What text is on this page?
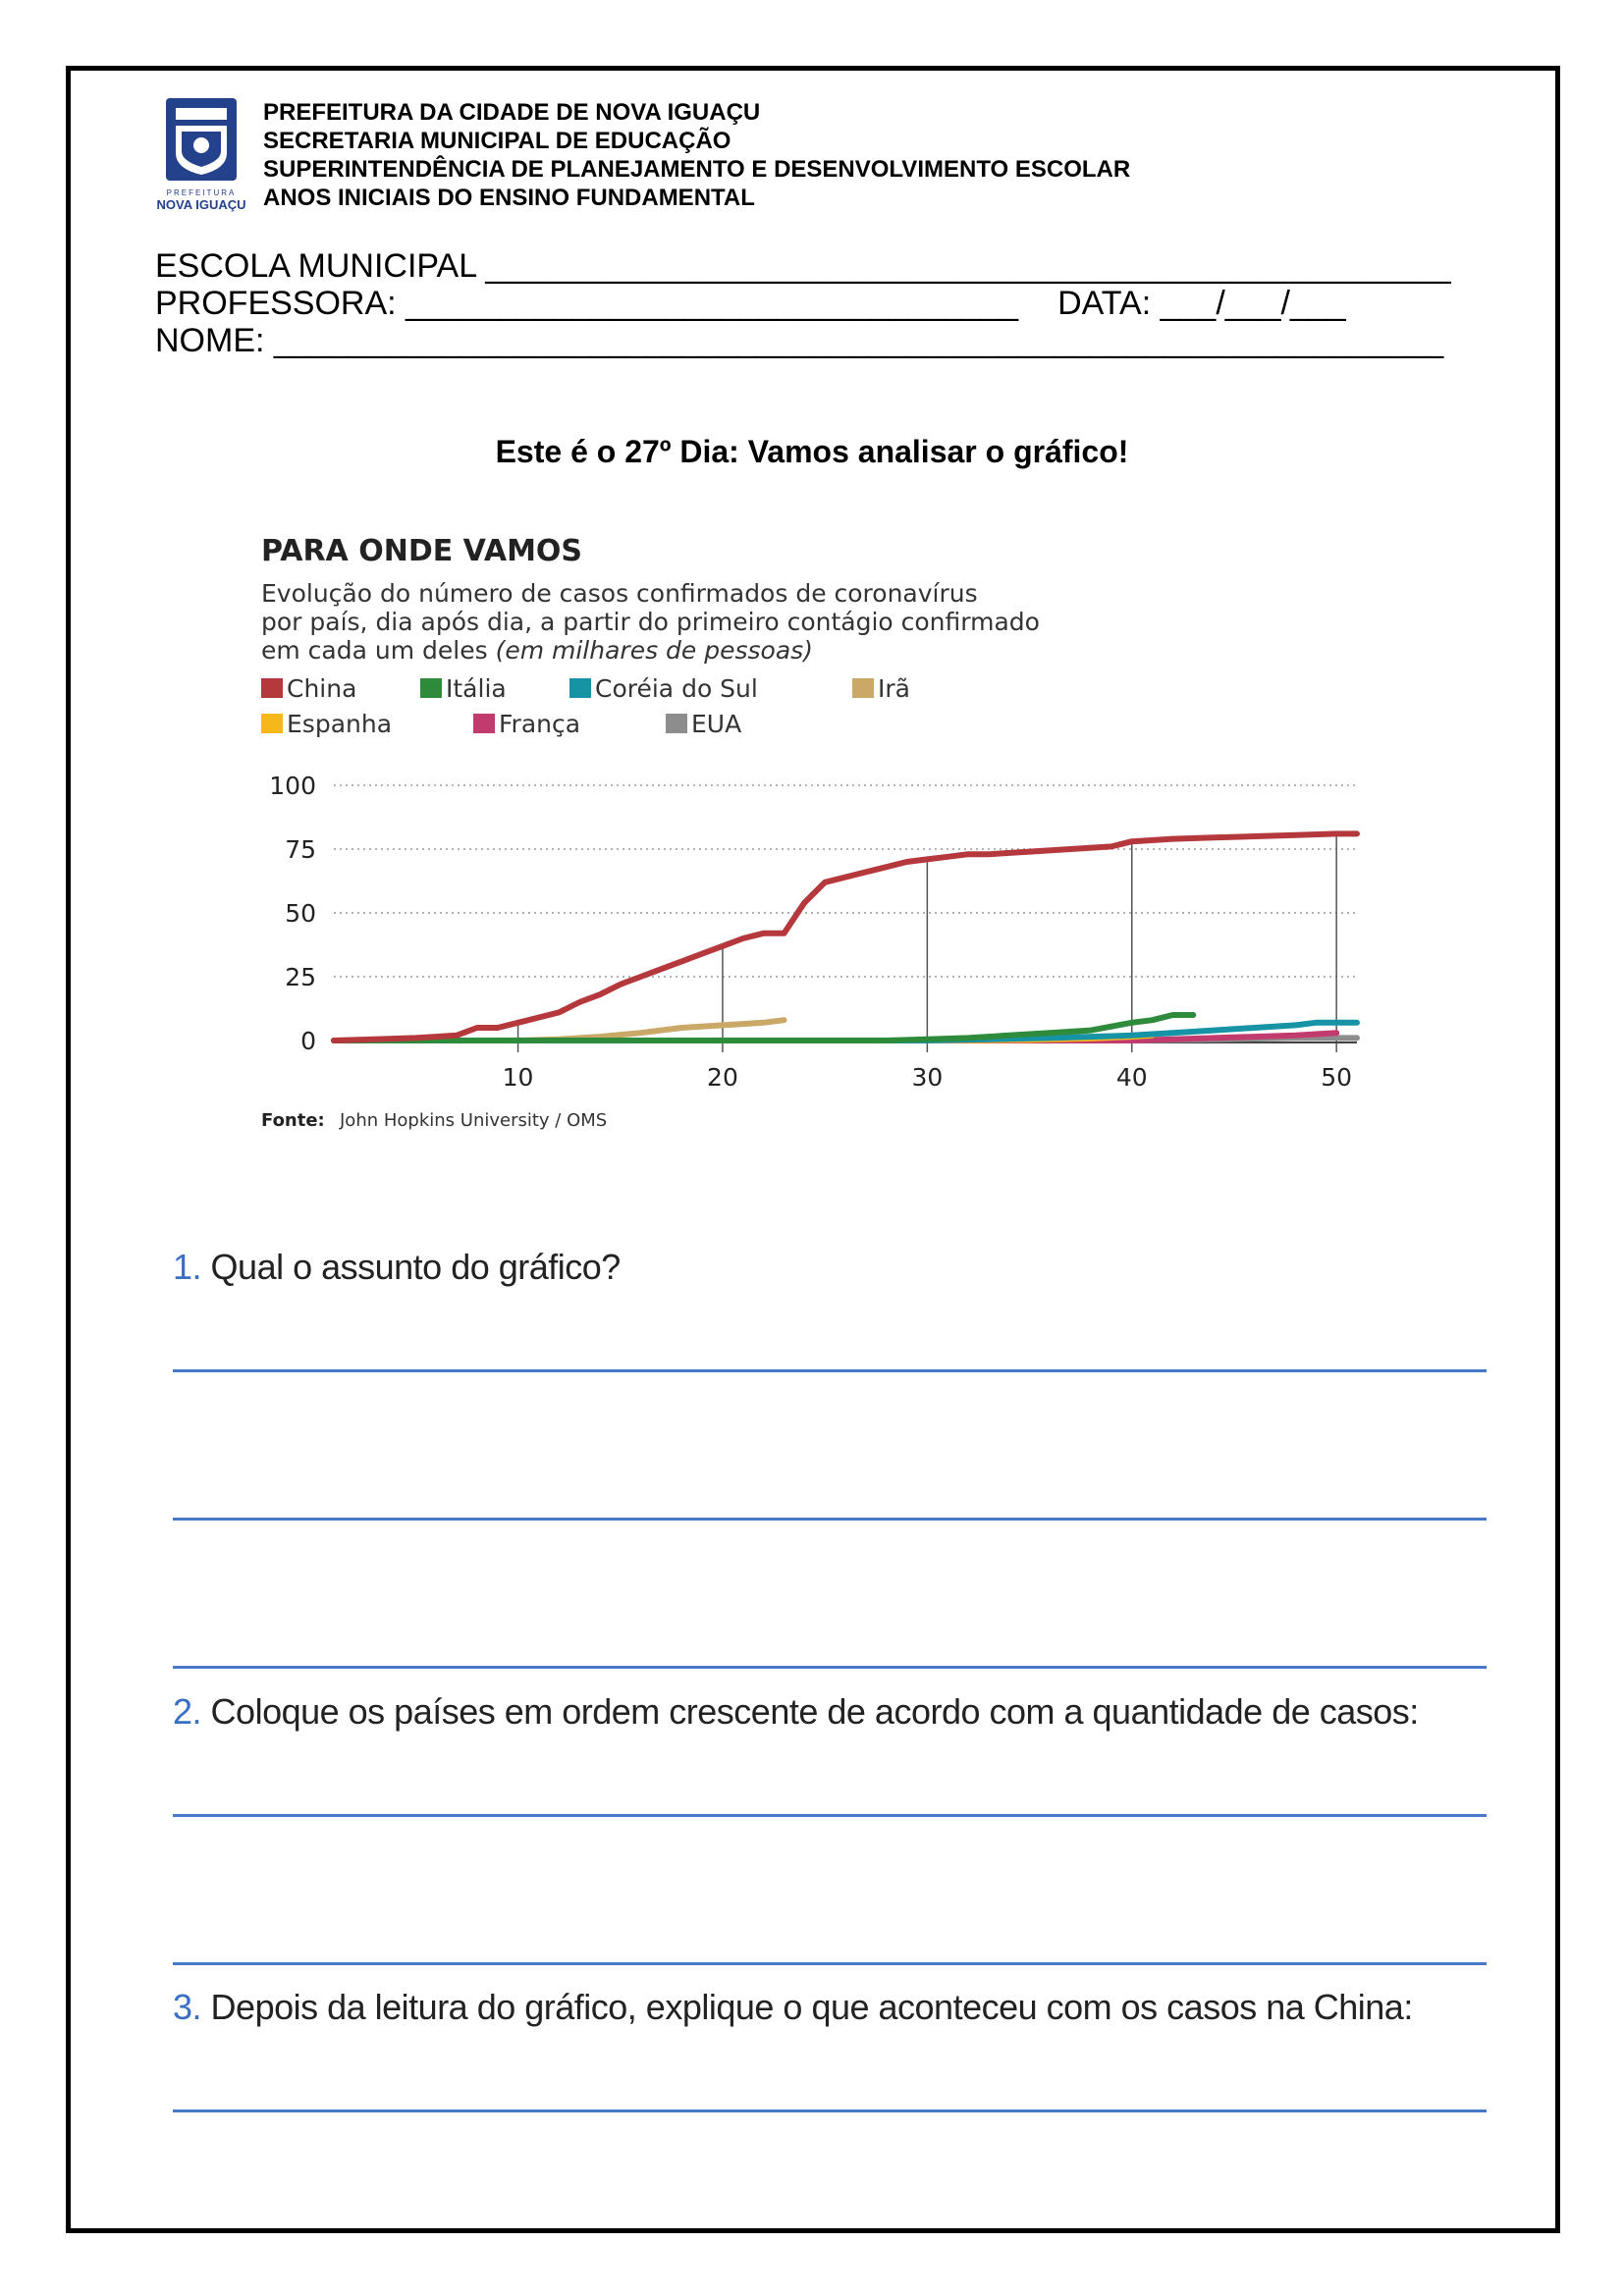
PREFEITURA
NOVA IGUAÇU
PREFEITURA DA CIDADE DE NOVA IGUAÇU
SECRETARIA MUNICIPAL DE EDUCAÇÃO
SUPERINTENDÊNCIA DE PLANEJAMENTO E DESENVOLVIMENTO ESCOLAR
ANOS INICIAIS DO ENSINO FUNDAMENTAL
ESCOLA MUNICIPAL ____________________________________________________
PROFESSORA: _________________________________ DATA: ___/___/___
NOME: _______________________________________________________________
Este é o 27º Dia: Vamos analisar o gráfico!
PARA ONDE VAMOS
Evolução do número de casos confirmados de coronavírus
por país, dia após dia, a partir do primeiro contágio confirmado
em cada um deles (em milhares de pessoas)
China	Itália	Coréia do Sul	Irã
Espanha	França	EUA
0
25
50
75
100
10	20	30	40	50
Fonte: John Hopkins University / OMS
1. Qual o assunto do gráfico?
2. Coloque os países em ordem crescente de acordo com a quantidade de casos:
3. Depois da leitura do gráfico, explique o que aconteceu com os casos na China:
